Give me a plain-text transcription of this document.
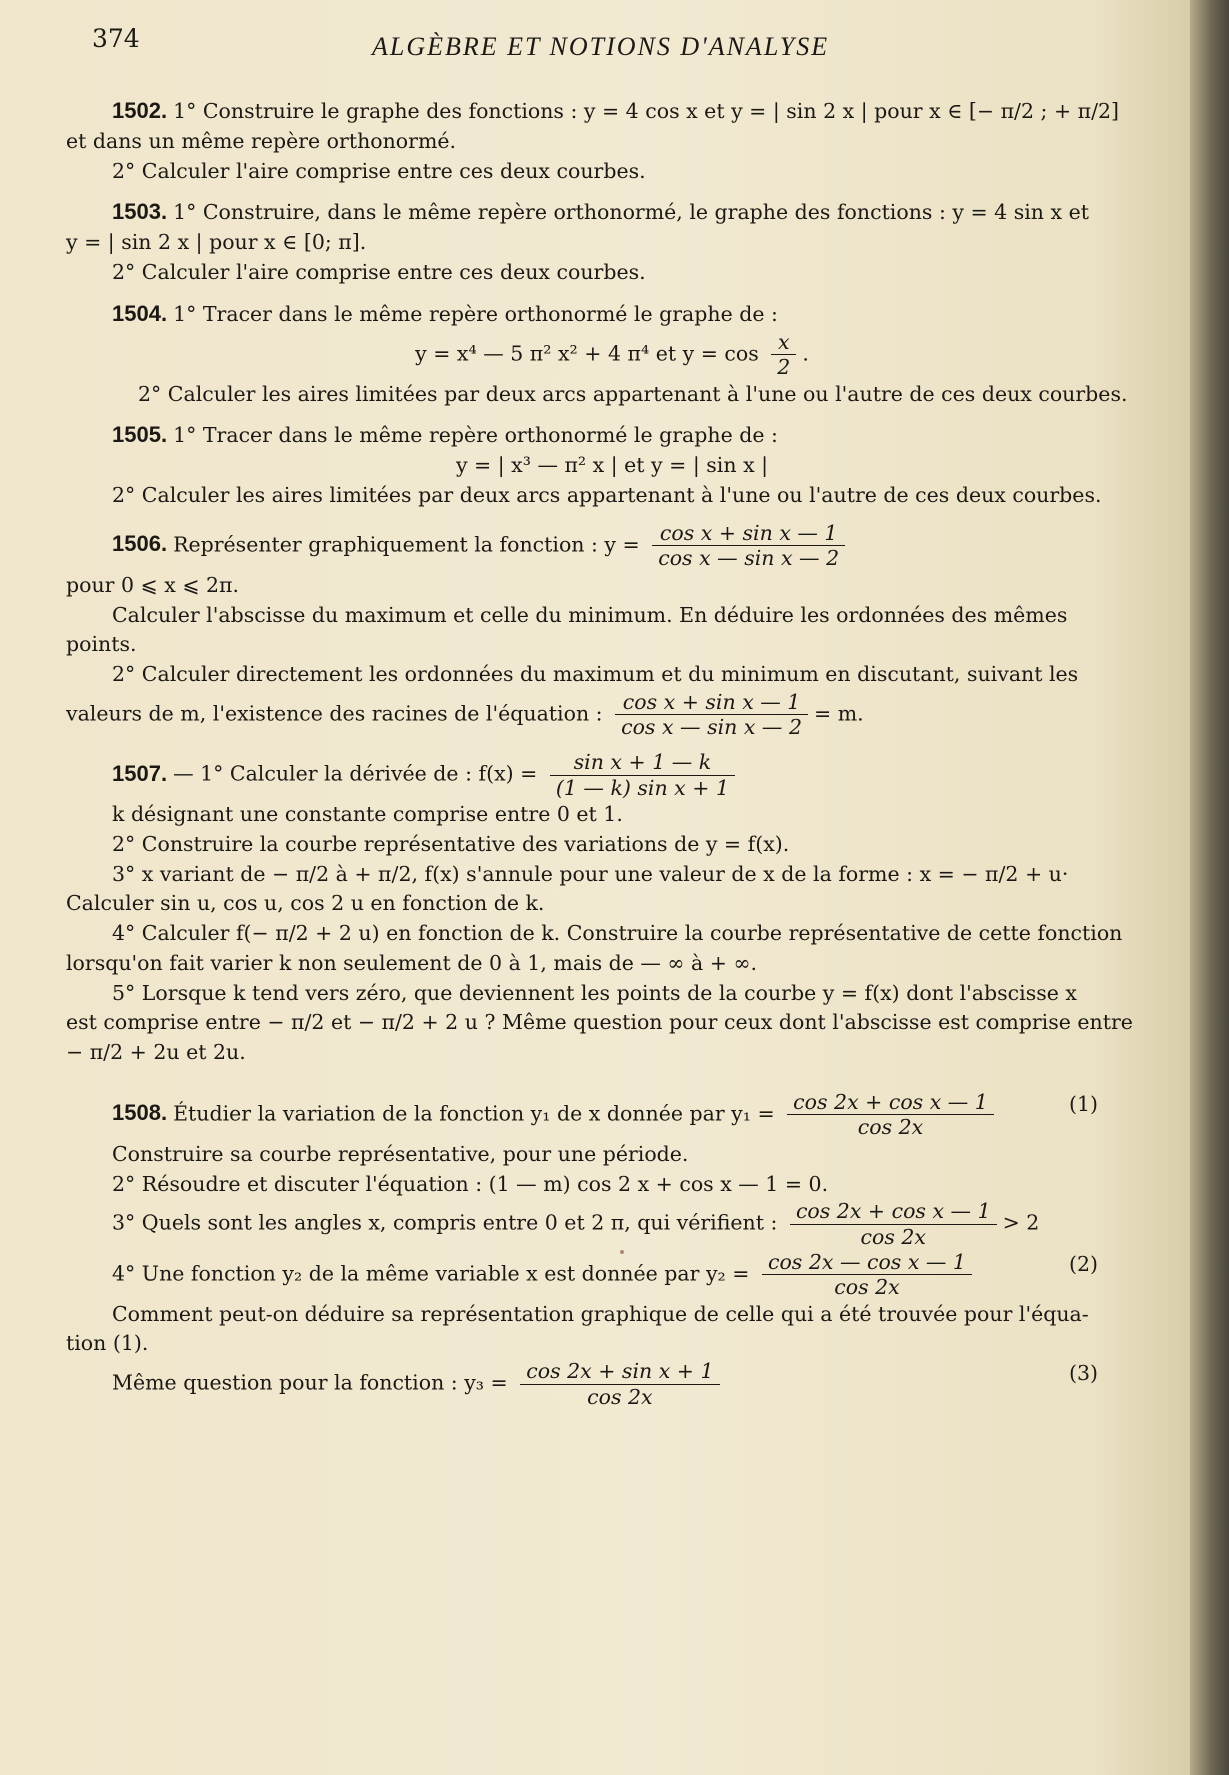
374	ALGÈBRE ET NOTIONS D'ANALYSE
1502. 1° Construire le graphe des fonctions : y = 4 cos x et y = | sin 2 x | pour x ∈ [− π/2 ; + π/2]
et dans un même repère orthonormé.
2° Calculer l'aire comprise entre ces deux courbes.
1503. 1° Construire, dans le même repère orthonormé, le graphe des fonctions : y = 4 sin x et
y = | sin 2 x | pour x ∈ [0; π].
2° Calculer l'aire comprise entre ces deux courbes.
1504. 1° Tracer dans le même repère orthonormé le graphe de :
y = x⁴ — 5 π² x² + 4 π⁴ et $y = \cos \frac{x}{2}$ .
2° Calculer les aires limitées par deux arcs appartenant à l'une ou l'autre de ces deux courbes.
1505. 1° Tracer dans le même repère orthonormé le graphe de :
y = | x³ — π² x | et y = | sin x |
2° Calculer les aires limitées par deux arcs appartenant à l'une ou l'autre de ces deux courbes.
1506. Représenter graphiquement la fonction : $y = \frac{\text{cos x + sin x — 1}}{\text{cos x — sin x — 2}}$
pour 0 ⩽ x ⩽ 2π.
Calculer l'abscisse du maximum et celle du minimum. En déduire les ordonnées des mêmes
points.
2° Calculer directement les ordonnées du maximum et du minimum en discutant, suivant les
valeurs de m, l'existence des racines de l'équation : $\frac{\text{cos x + sin x — 1}}{\text{cos x — sin x — 2}} = m$.
1507. — 1° Calculer la dérivée de : $f(x) = \frac{\text{sin x + 1 — k}}{\text{(1 — k) sin x + 1}}$
k désignant une constante comprise entre 0 et 1.
2° Construire la courbe représentative des variations de y = f(x).
3° x variant de − π/2 à + π/2, f(x) s'annule pour une valeur de x de la forme : x = − π/2 + u·
Calculer sin u, cos u, cos 2 u en fonction de k.
4° Calculer f(− π/2 + 2 u) en fonction de k. Construire la courbe représentative de cette fonction
lorsqu'on fait varier k non seulement de 0 à 1, mais de — ∞ à + ∞.
5° Lorsque k tend vers zéro, que deviennent les points de la courbe y = f(x) dont l'abscisse x
est comprise entre − π/2 et − π/2 + 2 u ? Même question pour ceux dont l'abscisse est comprise entre
− π/2 + 2u et 2u.
1508. Étudier la variation de la fonction y₁ de x donnée par $y_1 = \frac{\text{cos 2x + cos x — 1}}{\cos 2x}$	(1)
Construire sa courbe représentative, pour une période.
2° Résoudre et discuter l'équation : (1 — m) cos 2 x + cos x — 1 = 0.
3° Quels sont les angles x, compris entre 0 et 2 π, qui vérifient : $\frac{\text{cos 2x + cos x — 1}}{\cos 2x} > 2$
4° Une fonction y₂ de la même variable x est donnée par $y_2 = \frac{\text{cos 2x — cos x — 1}}{\cos 2x}$	(2)
Comment peut-on déduire sa représentation graphique de celle qui a été trouvée pour l'équa-
tion (1).
Même question pour la fonction : $y_3 = \frac{\text{cos 2x + sin x + 1}}{\cos 2x}$	(3)
